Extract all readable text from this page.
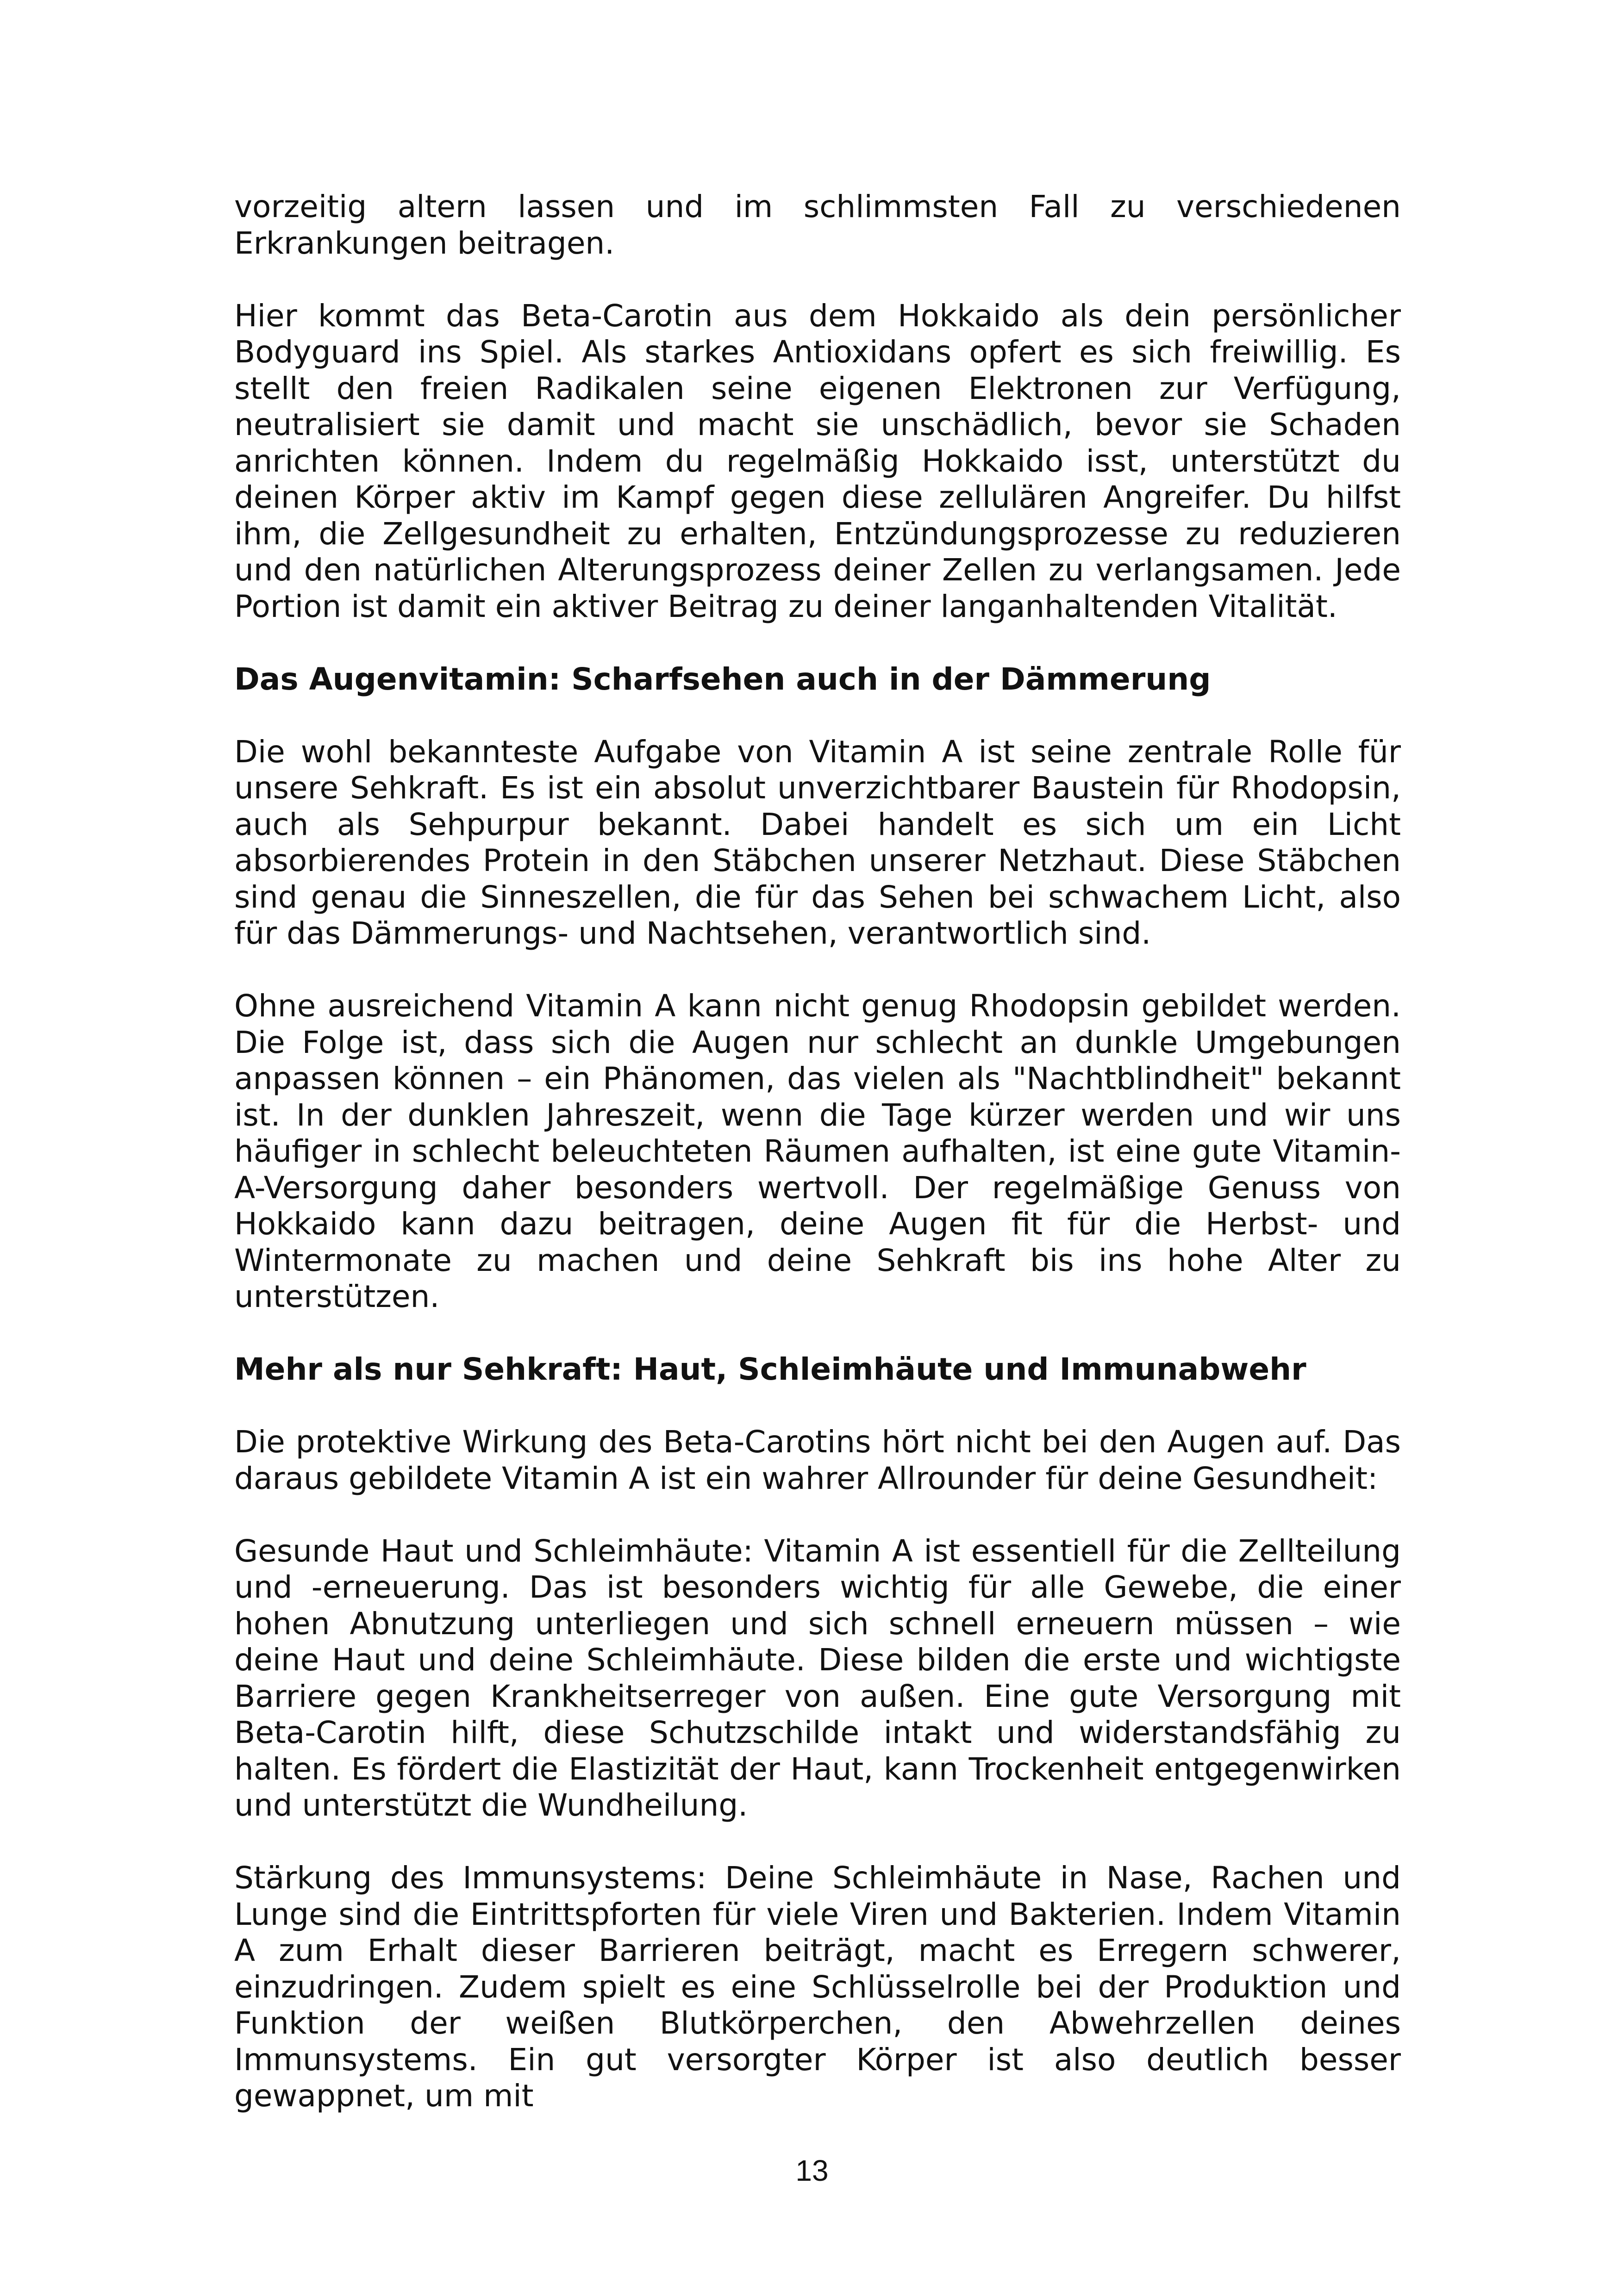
vorzeitig altern lassen und im schlimmsten Fall zu verschiedenen Erkrankungen beitragen.

Hier kommt das Beta-Carotin aus dem Hokkaido als dein persönlicher Bodyguard ins Spiel. Als starkes Antioxidans opfert es sich freiwillig. Es stellt den freien Radikalen seine eigenen Elektronen zur Verfügung, neutralisiert sie damit und macht sie unschädlich, bevor sie Schaden anrichten können. Indem du regelmäßig Hokkaido isst, unterstützt du deinen Körper aktiv im Kampf gegen diese zellulären Angreifer. Du hilfst ihm, die Zellgesundheit zu erhalten, Entzündungsprozesse zu reduzieren und den natürlichen Alterungsprozess deiner Zellen zu verlangsamen. Jede Portion ist damit ein aktiver Beitrag zu deiner langanhaltenden Vitalität.

Das Augenvitamin: Scharfsehen auch in der Dämmerung

Die wohl bekannteste Aufgabe von Vitamin A ist seine zentrale Rolle für unsere Sehkraft. Es ist ein absolut unverzichtbarer Baustein für Rhodopsin, auch als Sehpurpur bekannt. Dabei handelt es sich um ein Licht absorbierendes Protein in den Stäbchen unserer Netzhaut. Diese Stäbchen sind genau die Sinneszellen, die für das Sehen bei schwachem Licht, also für das Dämmerungs- und Nachtsehen, verantwortlich sind.

Ohne ausreichend Vitamin A kann nicht genug Rhodopsin gebildet werden. Die Folge ist, dass sich die Augen nur schlecht an dunkle Umgebungen anpassen können – ein Phänomen, das vielen als "Nachtblindheit" bekannt ist. In der dunklen Jahreszeit, wenn die Tage kürzer werden und wir uns häufiger in schlecht beleuchteten Räumen aufhalten, ist eine gute Vitamin-A-Versorgung daher besonders wertvoll. Der regelmäßige Genuss von Hokkaido kann dazu beitragen, deine Augen fit für die Herbst- und Wintermonate zu machen und deine Sehkraft bis ins hohe Alter zu unterstützen.

Mehr als nur Sehkraft: Haut, Schleimhäute und Immunabwehr

Die protektive Wirkung des Beta-Carotins hört nicht bei den Augen auf. Das daraus gebildete Vitamin A ist ein wahrer Allrounder für deine Gesundheit:

Gesunde Haut und Schleimhäute: Vitamin A ist essentiell für die Zellteilung und -erneuerung. Das ist besonders wichtig für alle Gewebe, die einer hohen Abnutzung unterliegen und sich schnell erneuern müssen – wie deine Haut und deine Schleimhäute. Diese bilden die erste und wichtigste Barriere gegen Krankheitserreger von außen. Eine gute Versorgung mit Beta-Carotin hilft, diese Schutzschilde intakt und widerstandsfähig zu halten. Es fördert die Elastizität der Haut, kann Trockenheit entgegenwirken und unterstützt die Wundheilung.

Stärkung des Immunsystems: Deine Schleimhäute in Nase, Rachen und Lunge sind die Eintrittspforten für viele Viren und Bakterien. Indem Vitamin A zum Erhalt dieser Barrieren beiträgt, macht es Erregern schwerer, einzudringen. Zudem spielt es eine Schlüsselrolle bei der Produktion und Funktion der weißen Blutkörperchen, den Abwehrzellen deines Immunsystems. Ein gut versorgter Körper ist also deutlich besser gewappnet, um mit

13
